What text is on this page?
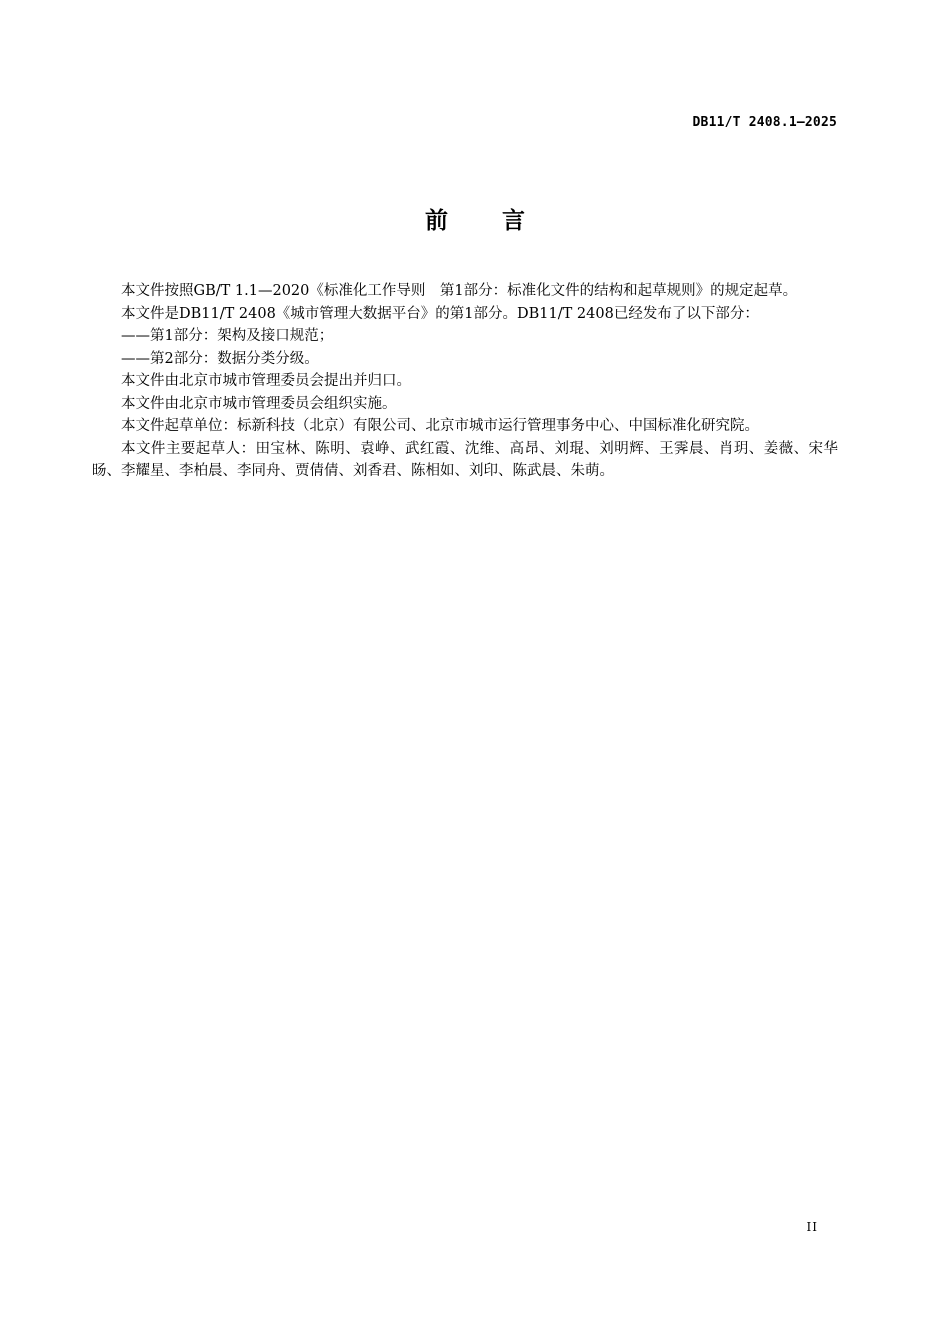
DB11/T 2408.1—2025
前言

本文件按照GB/T 1.1—2020《标准化工作导则　第1部分：标准化文件的结构和起草规则》的规定起草。

本文件是DB11/T 2408《城市管理大数据平台》的第1部分。DB11/T 2408已经发布了以下部分：

——第1部分：架构及接口规范；

——第2部分：数据分类分级。

本文件由北京市城市管理委员会提出并归口。

本文件由北京市城市管理委员会组织实施。

本文件起草单位：标新科技（北京）有限公司、北京市城市运行管理事务中心、中国标准化研究院。

本文件主要起草人：田宝林、陈明、袁峥、武红霞、沈维、高昂、刘琨、刘明辉、王霁晨、肖玥、姜薇、宋华旸、李耀星、李柏晨、李同舟、贾倩倩、刘香君、陈相如、刘印、陈武晨、朱萌。

II
